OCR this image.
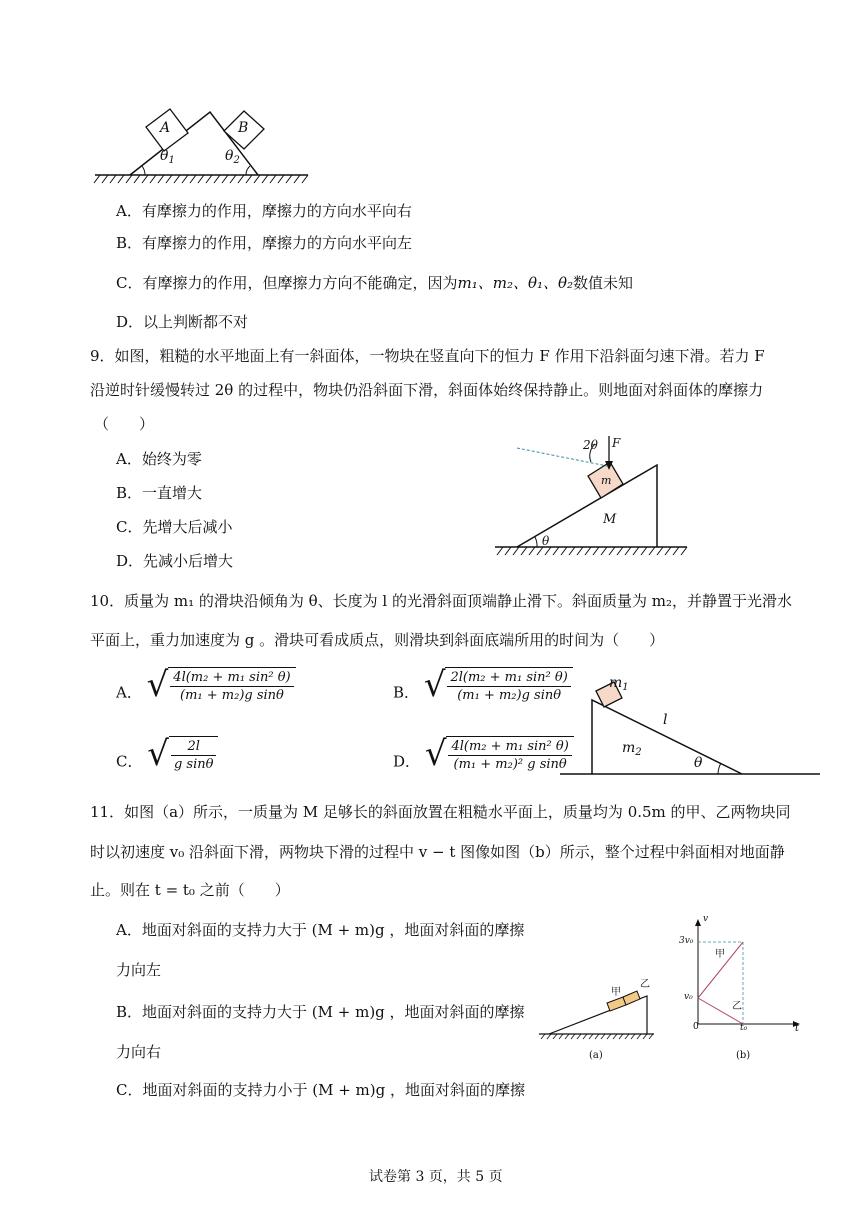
A	B
$\theta_1$	$\theta_2$
A．有摩擦力的作用，摩擦力的方向水平向右
B．有摩擦力的作用，摩擦力的方向水平向左
C．有摩擦力的作用，但摩擦力方向不能确定，因为m₁、m₂、θ₁、θ₂数值未知
D．以上判断都不对
9．如图，粗糙的水平地面上有一斜面体，一物块在竖直向下的恒力 F 作用下沿斜面匀速下滑。若力 F
沿逆时针缓慢转过 2θ 的过程中，物块仍沿斜面下滑，斜面体始终保持静止。则地面对斜面体的摩擦力
（　　）
A．始终为零
B．一直增大
C．先增大后减小
D．先减小后增大
2θ F
m
M
θ
10．质量为 m₁ 的滑块沿倾角为 θ、长度为 l 的光滑斜面顶端静止滑下。斜面质量为 m₂，并静置于光滑水
平面上，重力加速度为 g 。滑块可看成质点，则滑块到斜面底端所用的时间为（　　）
A． √ $\frac{\text{4l(m₂ + m₁ sin² θ)}}{\text{(m₁ + m₂)g sinθ}}$	B． √ $\frac{\text{2l(m₂ + m₁ sin² θ)}}{\text{(m₁ + m₂)g sinθ}}$
C． √ $\frac{2l}{\text{g sinθ}}$	D． √ $\frac{\text{4l(m₂ + m₁ sin² θ)}}{\text{(m₁ + m₂)² g sinθ}}$
$m_1$
l
$m_2$
θ
11．如图（a）所示，一质量为 M 足够长的斜面放置在粗糙水平面上，质量均为 0.5m 的甲、乙两物块同
时以初速度 v₀ 沿斜面下滑，两物块下滑的过程中 v − t 图像如图（b）所示，整个过程中斜面相对地面静
止。则在 t = t₀ 之前（　　）
A．地面对斜面的支持力大于 (M + m)g ，地面对斜面的摩擦
力向左
B．地面对斜面的支持力大于 (M + m)g ，地面对斜面的摩擦
力向右
C．地面对斜面的支持力小于 (M + m)g ，地面对斜面的摩擦
甲
乙
(a)
v
t
3v₀
v₀
0	t₀
甲
乙
(b)
试卷第 3 页，共 5 页
